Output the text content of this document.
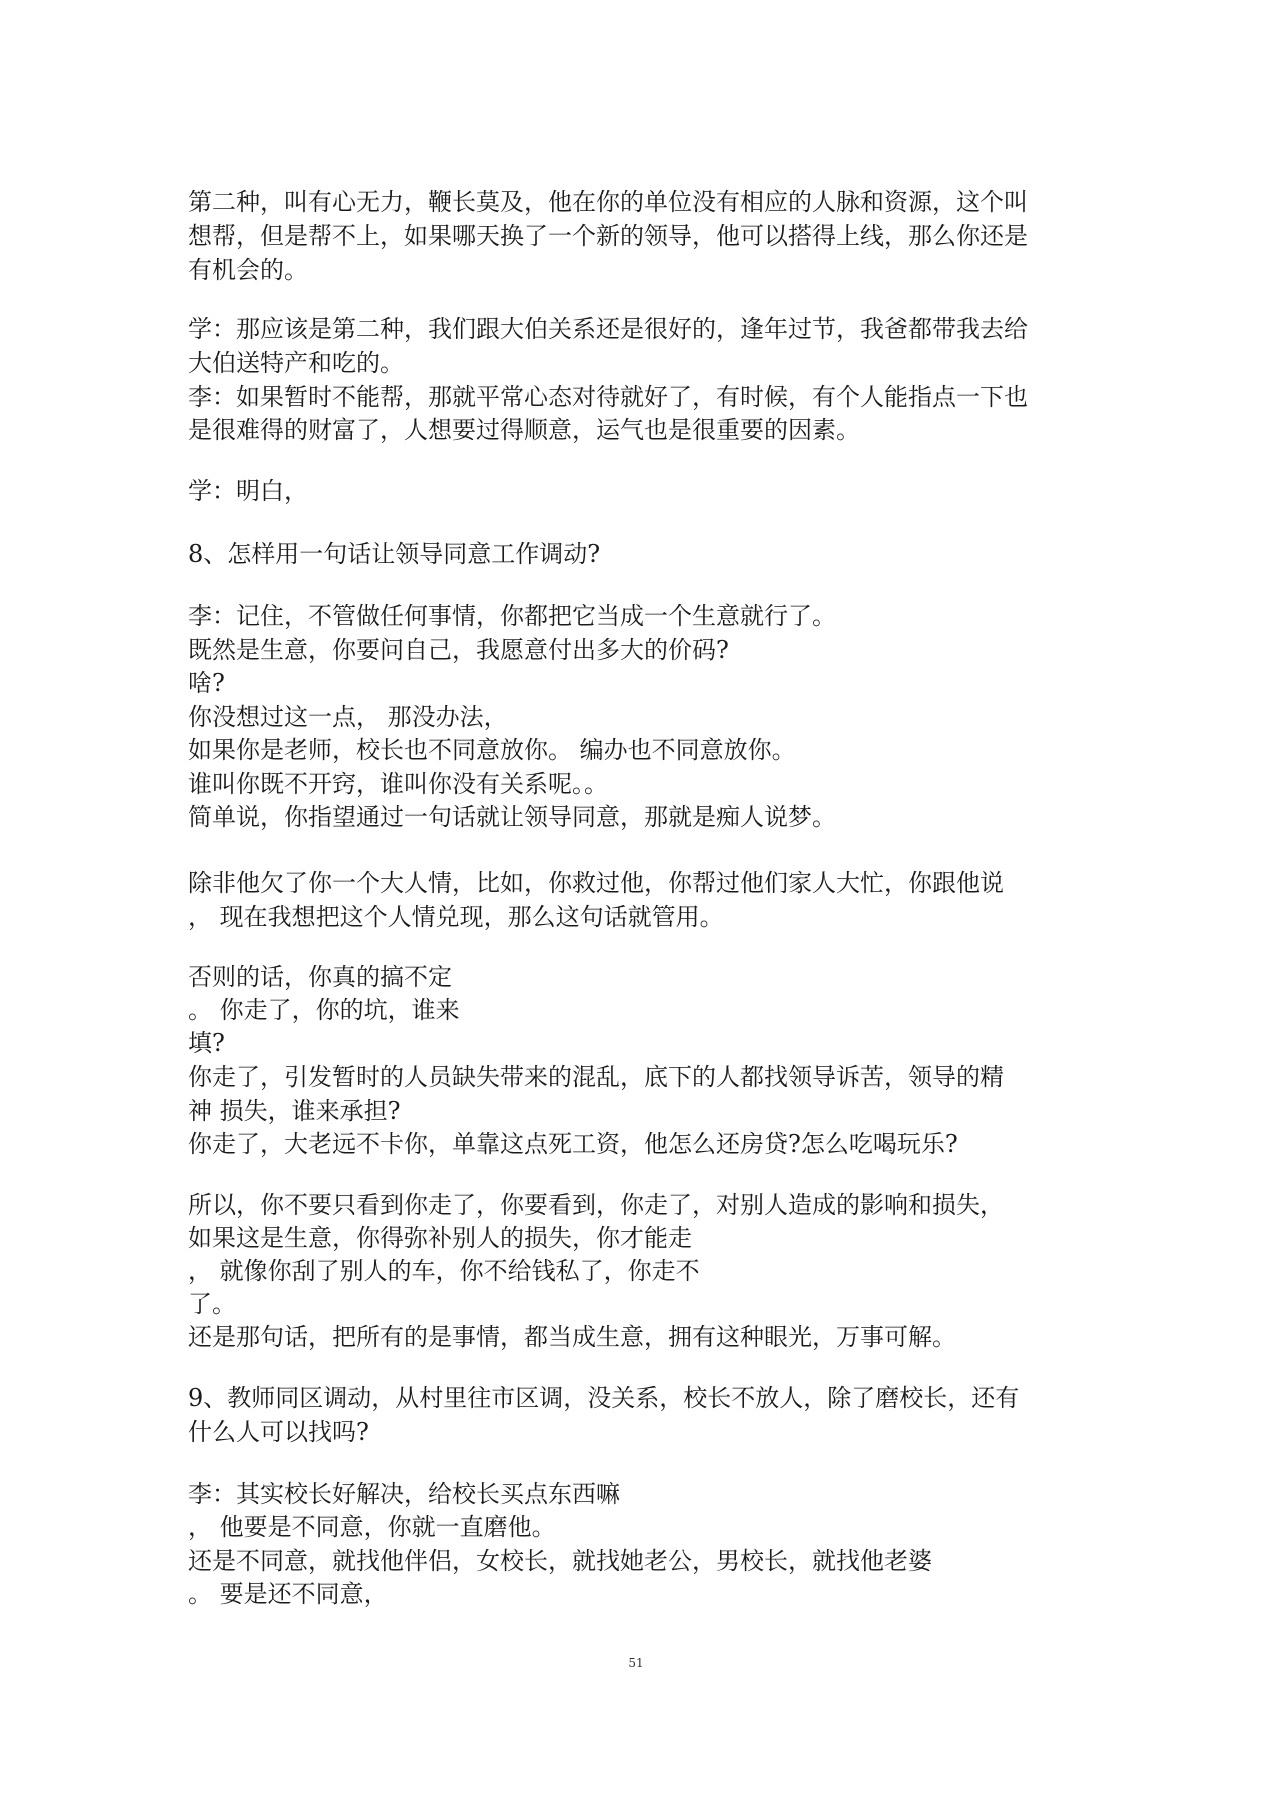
第二种，叫有心无力，鞭长莫及，他在你的单位没有相应的人脉和资源，这个叫

想帮，但是帮不上，如果哪天换了一个新的领导，他可以搭得上线，那么你还是

有机会的。

学：那应该是第二种，我们跟大伯关系还是很好的，逢年过节，我爸都带我去给

大伯送特产和吃的。

李：如果暂时不能帮，那就平常心态对待就好了，有时候，有个人能指点一下也

是很难得的财富了，人想要过得顺意，运气也是很重要的因素。

学：明白，

8、怎样用一句话让领导同意工作调动?

李：记住，不管做任何事情，你都把它当成一个生意就行了。

既然是生意，你要问自己，我愿意付出多大的价码?

啥?

你没想过这一点， 那没办法，

如果你是老师，校长也不同意放你。 编办也不同意放你。

谁叫你既不开窍，谁叫你没有关系呢。。

简单说，你指望通过一句话就让领导同意，那就是痴人说梦。

除非他欠了你一个大人情，比如，你救过他，你帮过他们家人大忙，你跟他说

， 现在我想把这个人情兑现，那么这句话就管用。

否则的话，你真的搞不定

。 你走了，你的坑，谁来

填?

你走了，引发暂时的人员缺失带来的混乱，底下的人都找领导诉苦，领导的精

神 损失，谁来承担?

你走了，大老远不卡你，单靠这点死工资，他怎么还房贷?怎么吃喝玩乐?

所以，你不要只看到你走了，你要看到，你走了，对别人造成的影响和损失，

如果这是生意，你得弥补别人的损失，你才能走

， 就像你刮了别人的车，你不给钱私了，你走不

了。

还是那句话，把所有的是事情，都当成生意，拥有这种眼光，万事可解。

9、教师同区调动，从村里往市区调，没关系，校长不放人，除了磨校长，还有

什么人可以找吗?

李：其实校长好解决，给校长买点东西嘛

， 他要是不同意，你就一直磨他。

还是不同意，就找他伴侣，女校长，就找她老公，男校长，就找他老婆

。 要是还不同意，

51
